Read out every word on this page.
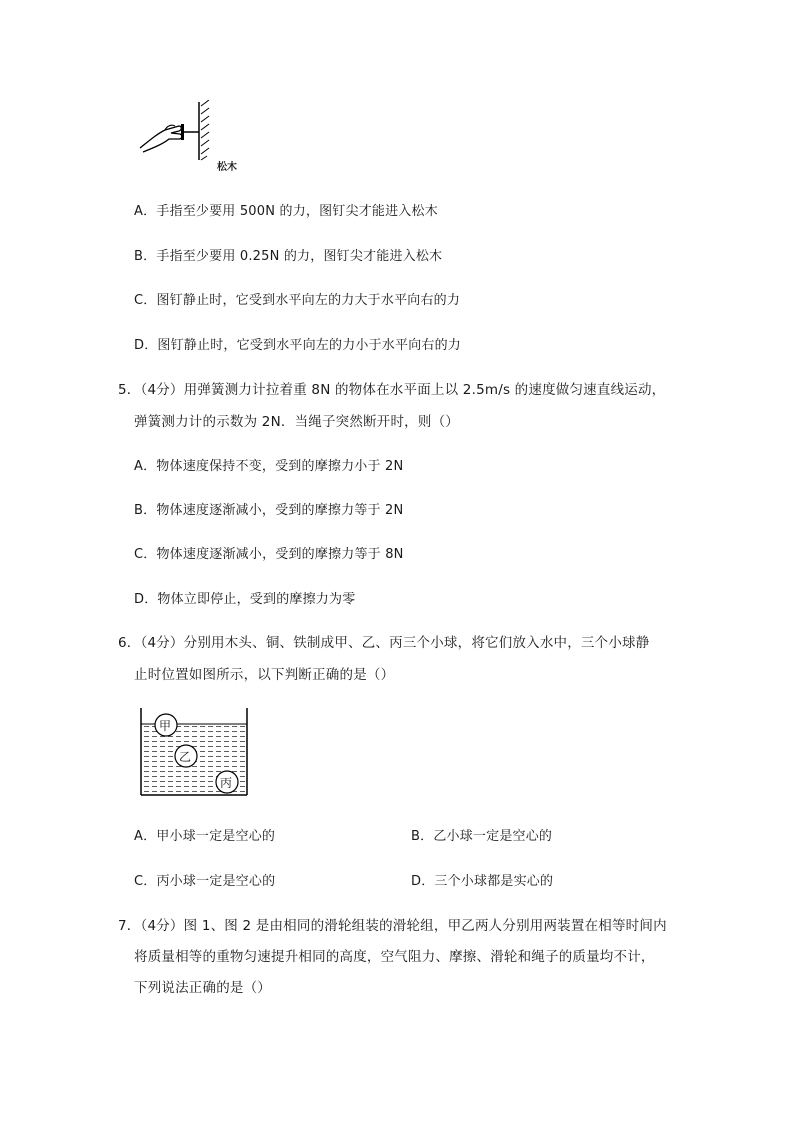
松木
A．手指至少要用 500N 的力，图钉尖才能进入松木
B．手指至少要用 0.25N 的力，图钉尖才能进入松木
C．图钉静止时，它受到水平向左的力大于水平向右的力
D．图钉静止时，它受到水平向左的力小于水平向右的力
5．（4分）用弹簧测力计拉着重 8N 的物体在水平面上以 2.5m/s 的速度做匀速直线运动，
弹簧测力计的示数为 2N．当绳子突然断开时，则（）
A．物体速度保持不变，受到的摩擦力小于 2N
B．物体速度逐渐减小，受到的摩擦力等于 2N
C．物体速度逐渐减小，受到的摩擦力等于 8N
D．物体立即停止，受到的摩擦力为零
6．（4分）分别用木头、铜、铁制成甲、乙、丙三个小球，将它们放入水中，三个小球静
止时位置如图所示，以下判断正确的是（）
甲
乙
丙
A．甲小球一定是空心的	B．乙小球一定是空心的
C．丙小球一定是空心的	D．三个小球都是实心的
7．（4分）图 1、图 2 是由相同的滑轮组装的滑轮组，甲乙两人分别用两装置在相等时间内
将质量相等的重物匀速提升相同的高度，空气阻力、摩擦、滑轮和绳子的质量均不计，
下列说法正确的是（）
